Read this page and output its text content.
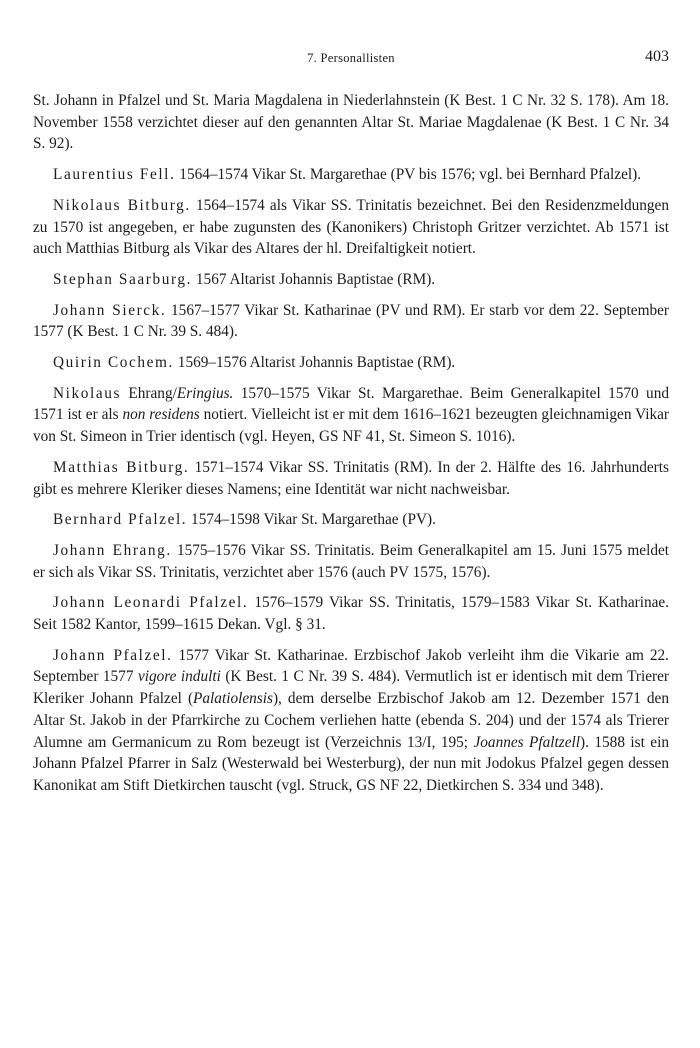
7. Personallisten	403

St. Johann in Pfalzel und St. Maria Magdalena in Niederlahnstein (K Best. 1 C Nr. 32 S. 178). Am 18. November 1558 verzichtet dieser auf den genannten Altar St. Mariae Magdalenae (K Best. 1 C Nr. 34 S. 92).

Laurentius Fell. 1564–1574 Vikar St. Margarethae (PV bis 1576; vgl. bei Bernhard Pfalzel).

Nikolaus Bitburg. 1564–1574 als Vikar SS. Trinitatis bezeichnet. Bei den Residenzmeldungen zu 1570 ist angegeben, er habe zugunsten des (Kanonikers) Christoph Gritzer verzichtet. Ab 1571 ist auch Matthias Bitburg als Vikar des Altares der hl. Dreifaltigkeit notiert.

Stephan Saarburg. 1567 Altarist Johannis Baptistae (RM).

Johann Sierck. 1567–1577 Vikar St. Katharinae (PV und RM). Er starb vor dem 22. September 1577 (K Best. 1 C Nr. 39 S. 484).

Quirin Cochem. 1569–1576 Altarist Johannis Baptistae (RM).

Nikolaus Ehrang/Eringius. 1570–1575 Vikar St. Margarethae. Beim Generalkapitel 1570 und 1571 ist er als non residens notiert. Vielleicht ist er mit dem 1616–1621 bezeugten gleichnamigen Vikar von St. Simeon in Trier identisch (vgl. Heyen, GS NF 41, St. Simeon S. 1016).

Matthias Bitburg. 1571–1574 Vikar SS. Trinitatis (RM). In der 2. Hälfte des 16. Jahrhunderts gibt es mehrere Kleriker dieses Namens; eine Identität war nicht nachweisbar.

Bernhard Pfalzel. 1574–1598 Vikar St. Margarethae (PV).

Johann Ehrang. 1575–1576 Vikar SS. Trinitatis. Beim Generalkapitel am 15. Juni 1575 meldet er sich als Vikar SS. Trinitatis, verzichtet aber 1576 (auch PV 1575, 1576).

Johann Leonardi Pfalzel. 1576–1579 Vikar SS. Trinitatis, 1579–1583 Vikar St. Katharinae. Seit 1582 Kantor, 1599–1615 Dekan. Vgl. § 31.

Johann Pfalzel. 1577 Vikar St. Katharinae. Erzbischof Jakob verleiht ihm die Vikarie am 22. September 1577 vigore indulti (K Best. 1 C Nr. 39 S. 484). Vermutlich ist er identisch mit dem Trierer Kleriker Johann Pfalzel (Palatiolensis), dem derselbe Erzbischof Jakob am 12. Dezember 1571 den Altar St. Jakob in der Pfarrkirche zu Cochem verliehen hatte (ebenda S. 204) und der 1574 als Trierer Alumne am Germanicum zu Rom bezeugt ist (Verzeichnis 13/I, 195; Joannes Pfaltzell). 1588 ist ein Johann Pfalzel Pfarrer in Salz (Westerwald bei Westerburg), der nun mit Jodokus Pfalzel gegen dessen Kanonikat am Stift Dietkirchen tauscht (vgl. Struck, GS NF 22, Dietkirchen S. 334 und 348).
